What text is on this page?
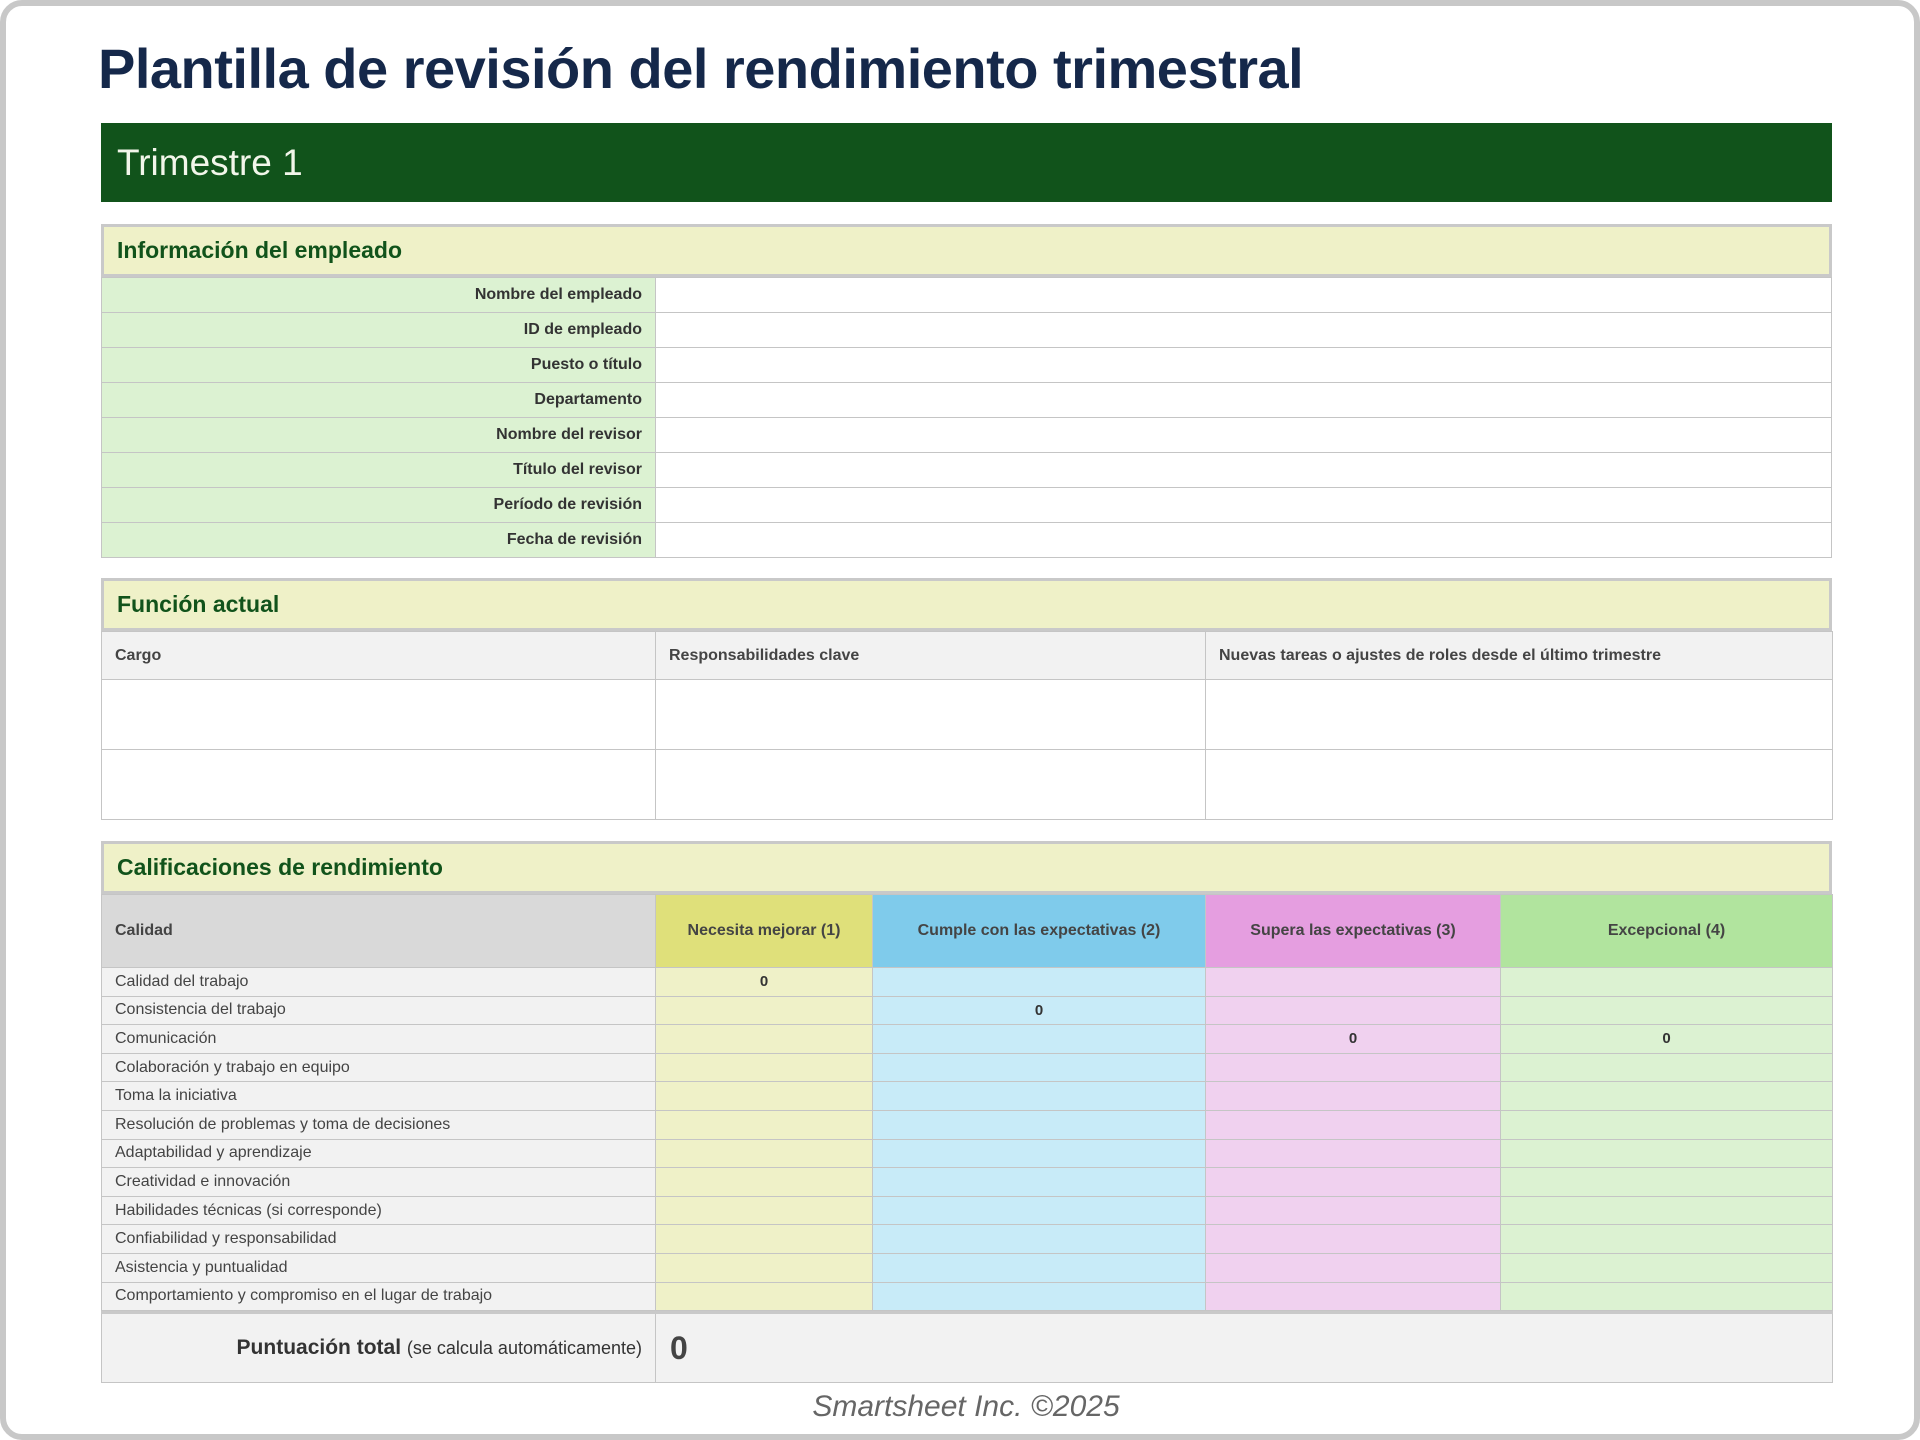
Plantilla de revisión del rendimiento trimestral
Trimestre 1
Información del empleado
Nombre del empleado	
ID de empleado	
Puesto o título	
Departamento	
Nombre del revisor	
Título del revisor	
Período de revisión	
Fecha de revisión	
Función actual
Cargo	Responsabilidades clave	Nuevas tareas o ajustes de roles desde el último trimestre

Calificaciones de rendimiento
Calidad	Necesita mejorar (1)	Cumple con las expectativas (2)	Supera las expectativas (3)	Excepcional (4)
Calidad del trabajo	0			
Consistencia del trabajo		0		
Comunicación			0	0
Colaboración y trabajo en equipo				
Toma la iniciativa				
Resolución de problemas y toma de decisiones				
Adaptabilidad y aprendizaje				
Creatividad e innovación				
Habilidades técnicas (si corresponde)				
Confiabilidad y responsabilidad				
Asistencia y puntualidad				
Comportamiento y compromiso en el lugar de trabajo				
Puntuación total (se calcula automáticamente)	0
Smartsheet Inc. ©2025
